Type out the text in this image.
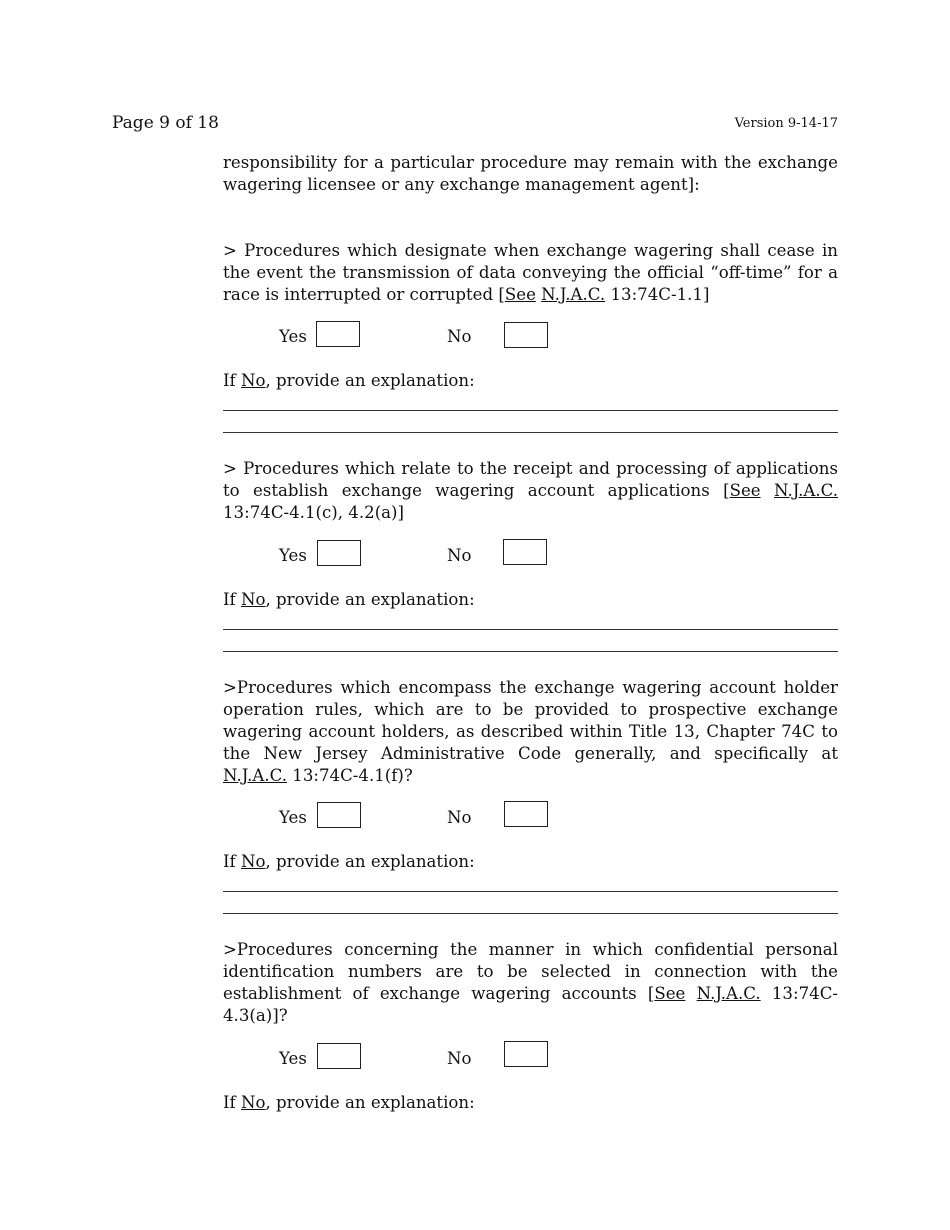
Page 9 of 18	Version 9-14-17
responsibility for a particular procedure may remain with the exchange wagering licensee or any exchange management agent]:
> Procedures which designate when exchange wagering shall cease in the event the transmission of data conveying the official “off-time” for a race is interrupted or corrupted [See N.J.A.C. 13:74C-1.1]
Yes	No
If No, provide an explanation:
> Procedures which relate to the receipt and processing of applications to establish exchange wagering account applications [See N.J.A.C. 13:74C-4.1(c), 4.2(a)]
Yes	No
If No, provide an explanation:
>Procedures which encompass the exchange wagering account holder operation rules, which are to be provided to prospective exchange wagering account holders, as described within Title 13, Chapter 74C to the New Jersey Administrative Code generally, and specifically at N.J.A.C. 13:74C-4.1(f)?
Yes	No
If No, provide an explanation:
>Procedures concerning the manner in which confidential personal identification numbers are to be selected in connection with the establishment of exchange wagering accounts [See N.J.A.C. 13:74C-4.3(a)]?
Yes	No
If No, provide an explanation:
